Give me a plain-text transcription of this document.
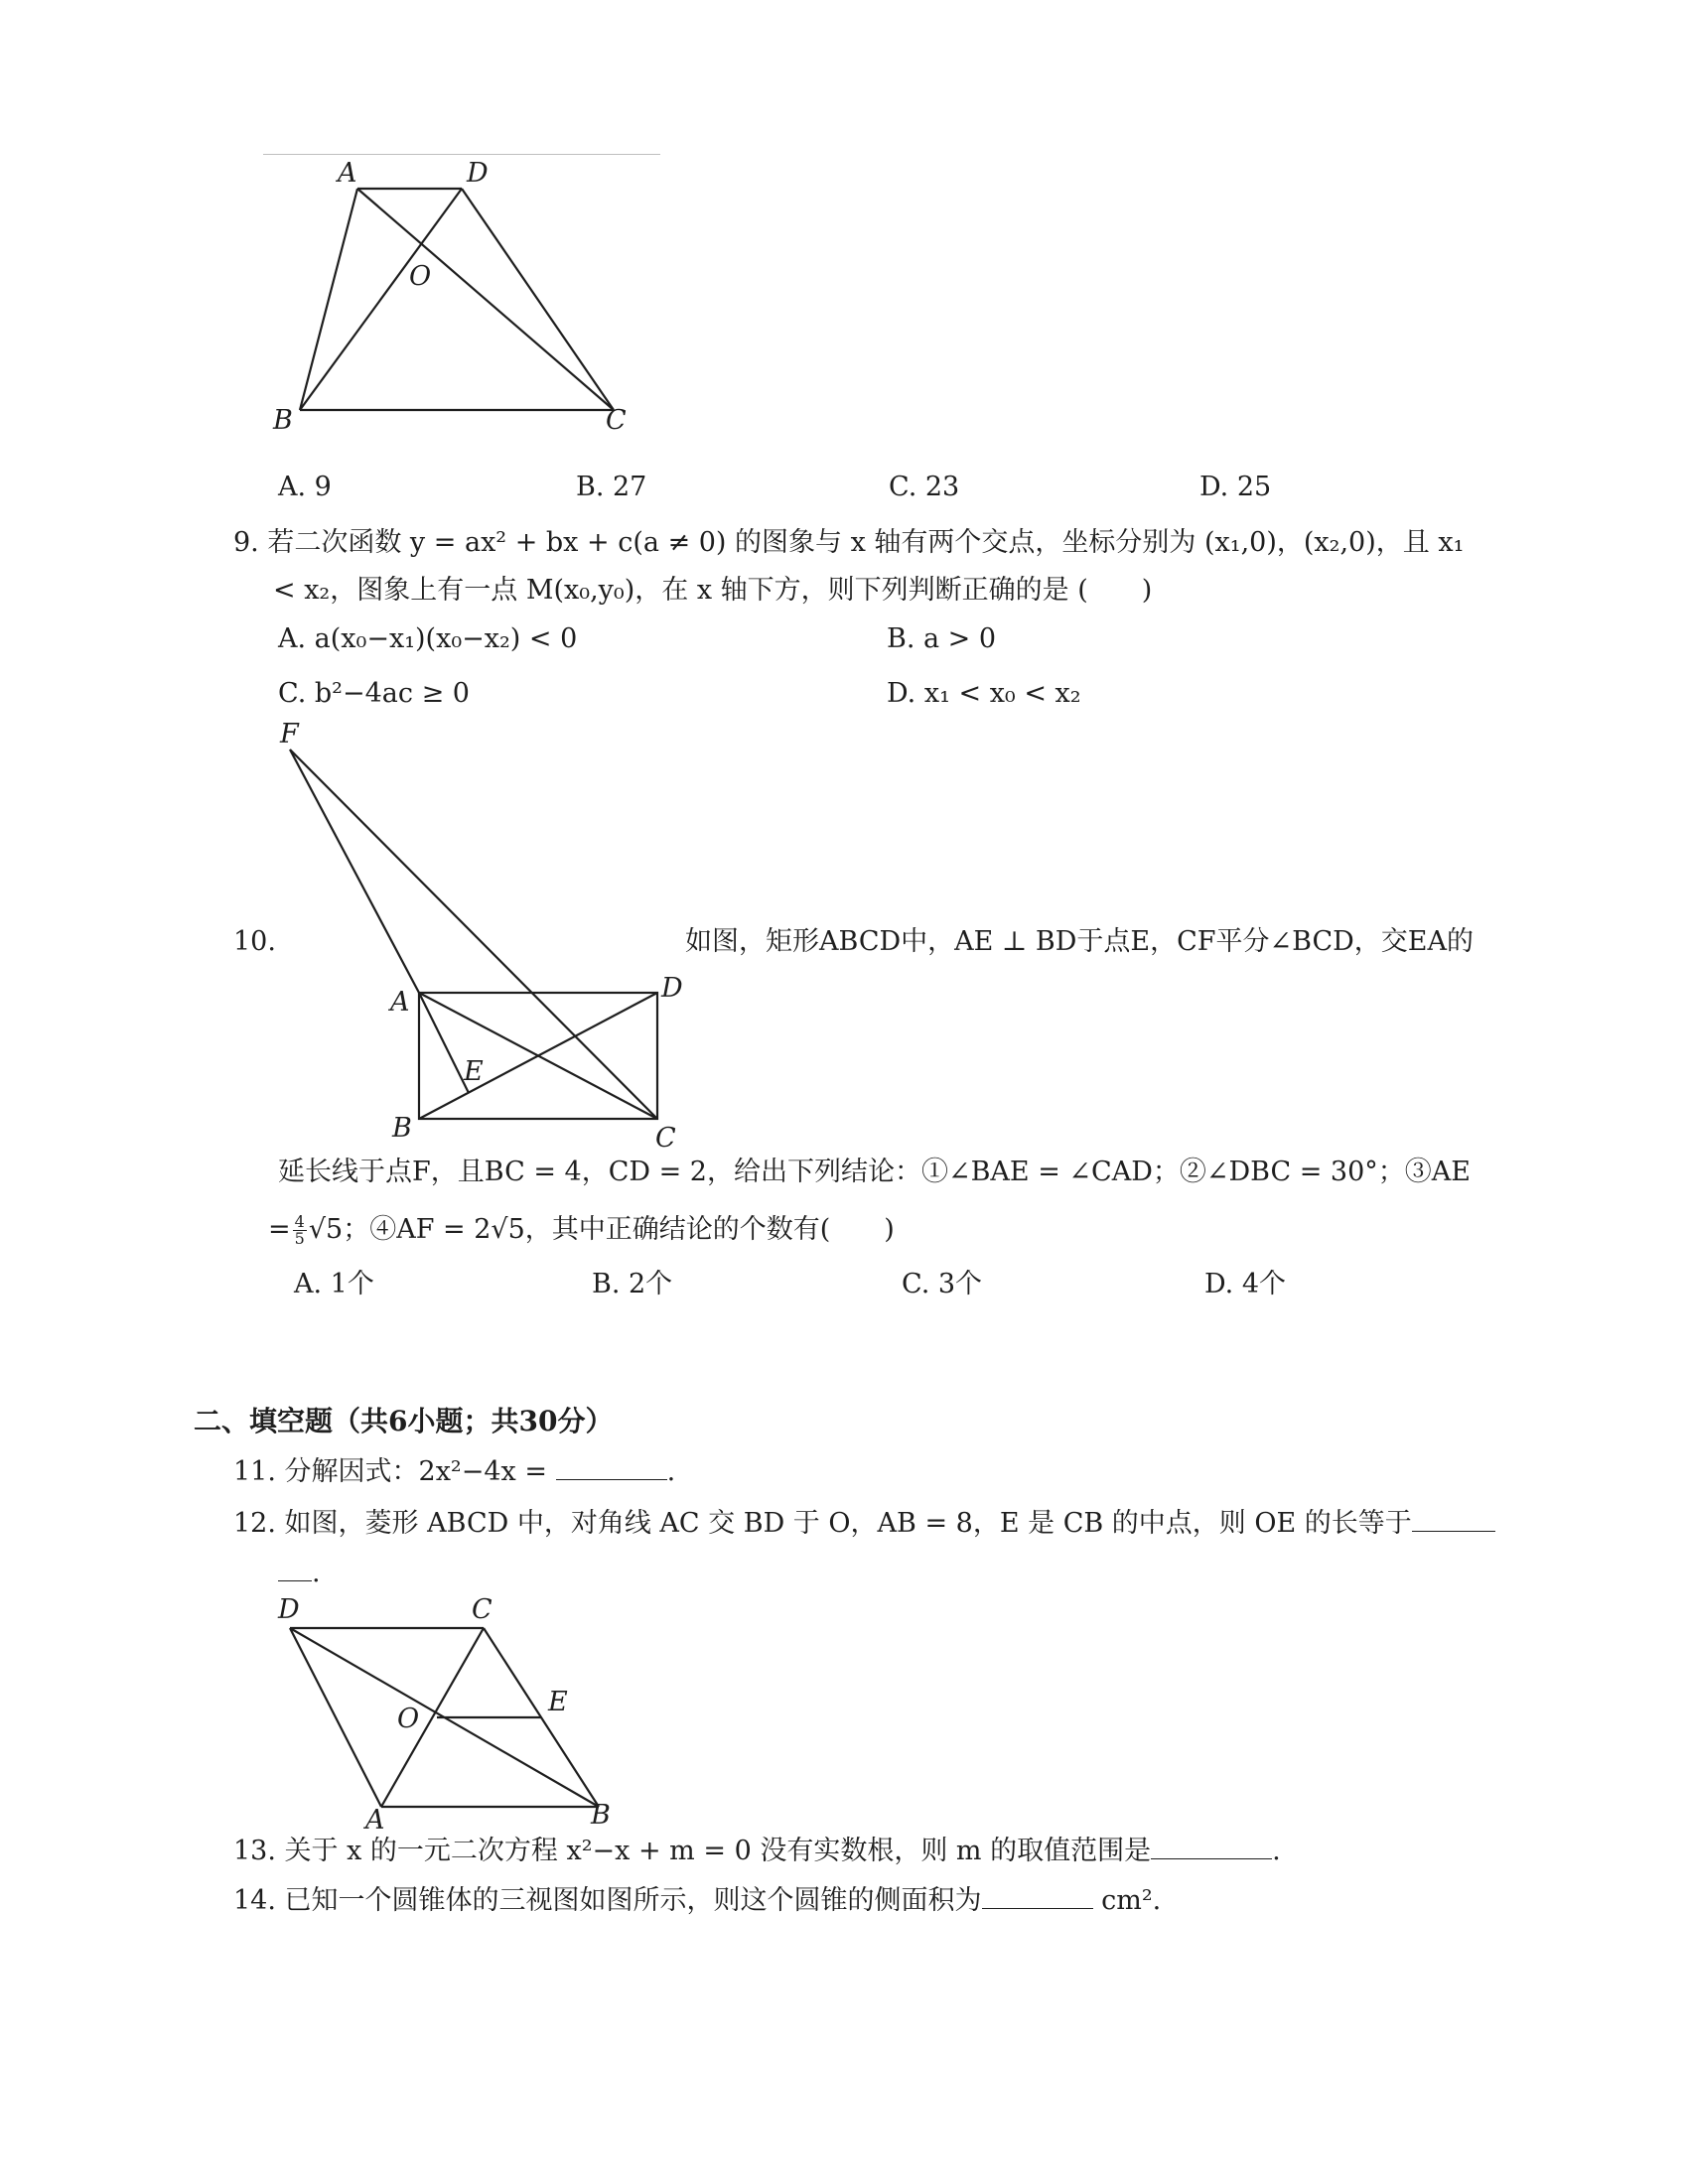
A	D
O
B	C
A. 9	B. 27	C. 23	D. 25
9. 若二次函数 y = ax² + bx + c(a ≠ 0) 的图象与 x 轴有两个交点，坐标分别为 (x₁,0)，(x₂,0)，且 x₁
< x₂，图象上有一点 M(x₀,y₀)，在 x 轴下方，则下列判断正确的是 (　　)
A. a(x₀−x₁)(x₀−x₂) < 0	B. a > 0
C. b²−4ac ≥ 0	D. x₁ < x₀ < x₂
F
A	D
E
B	C
10.	如图，矩形ABCD中，AE ⊥ BD于点E，CF平分∠BCD，交EA的
延长线于点F，且BC = 4，CD = 2，给出下列结论：①∠BAE = ∠CAD；②∠DBC = 30°；③AE
= $\frac{4}{5} √5$；④AF = 2√5，其中正确结论的个数有(　　)
A. 1个	B. 2个	C. 3个	D. 4个
二、填空题（共6小题；共30分）
11. 分解因式：2x²−4x =	.
12. 如图，菱形 ABCD 中，对角线 AC 交 BD 于 O，AB = 8，E 是 CB 的中点，则 OE 的长等于
.
D	C
E
O
A	B
13. 关于 x 的一元二次方程 x²−x + m = 0 没有实数根，则 m 的取值范围是	.
14. 已知一个圆锥体的三视图如图所示，则这个圆锥的侧面积为	cm².
